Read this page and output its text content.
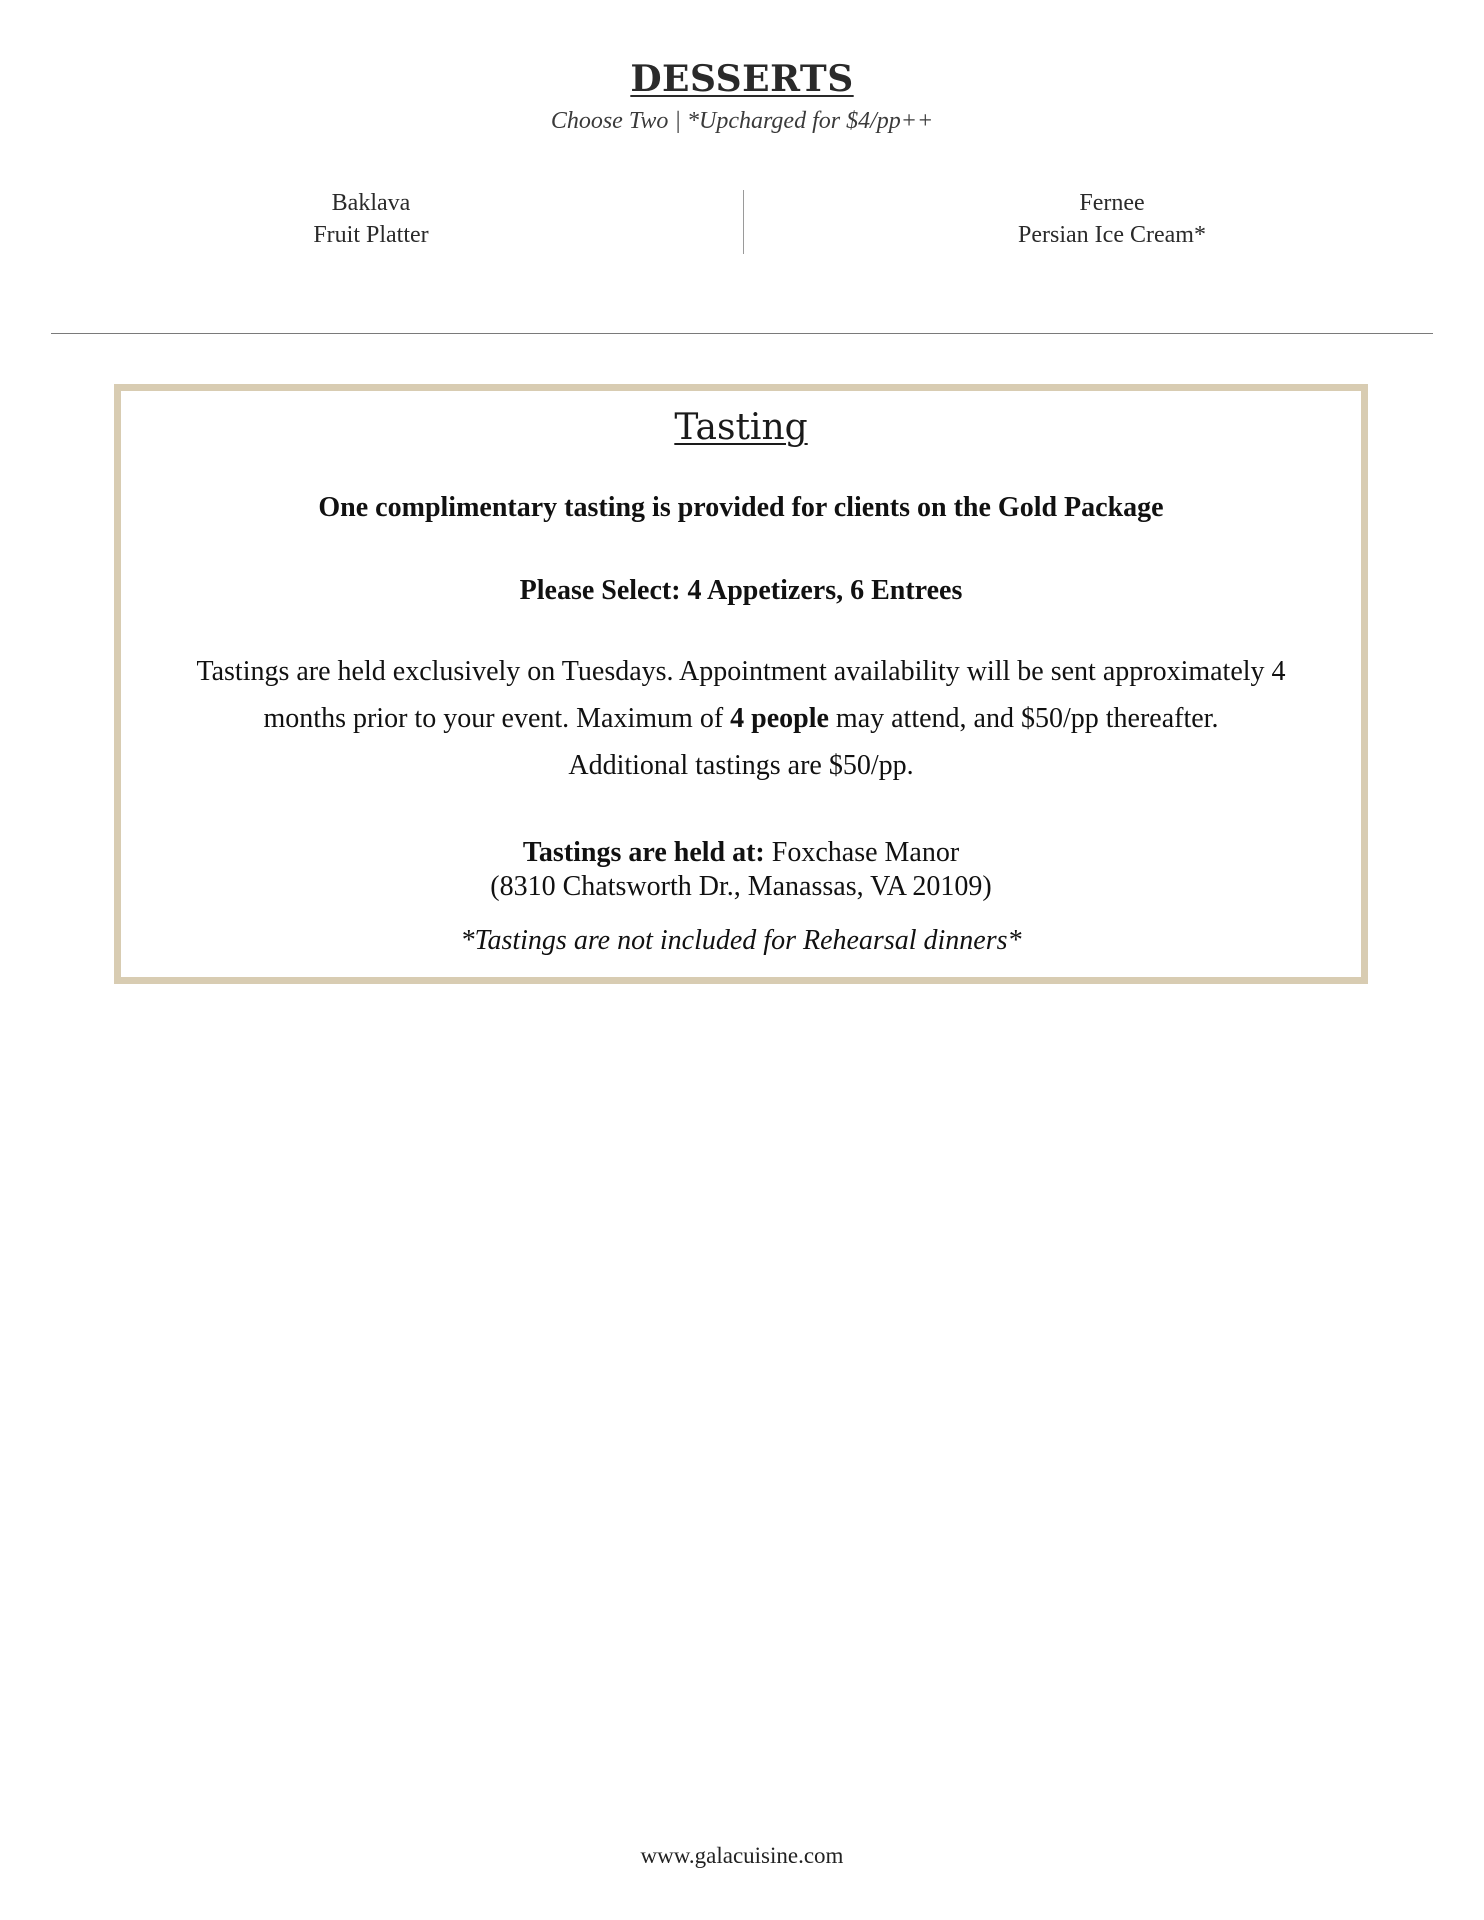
DESSERTS
Choose Two | *Upcharged for $4/pp++
Baklava
Fruit Platter
Fernee
Persian Ice Cream*
Tasting
One complimentary tasting is provided for clients on the Gold Package
Please Select: 4 Appetizers, 6 Entrees
Tastings are held exclusively on Tuesdays. Appointment availability will be sent approximately 4 months prior to your event. Maximum of 4 people may attend, and $50/pp thereafter.
Additional tastings are $50/pp.
Tastings are held at: Foxchase Manor
(8310 Chatsworth Dr., Manassas, VA 20109)
*Tastings are not included for Rehearsal dinners*
www.galacuisine.com
